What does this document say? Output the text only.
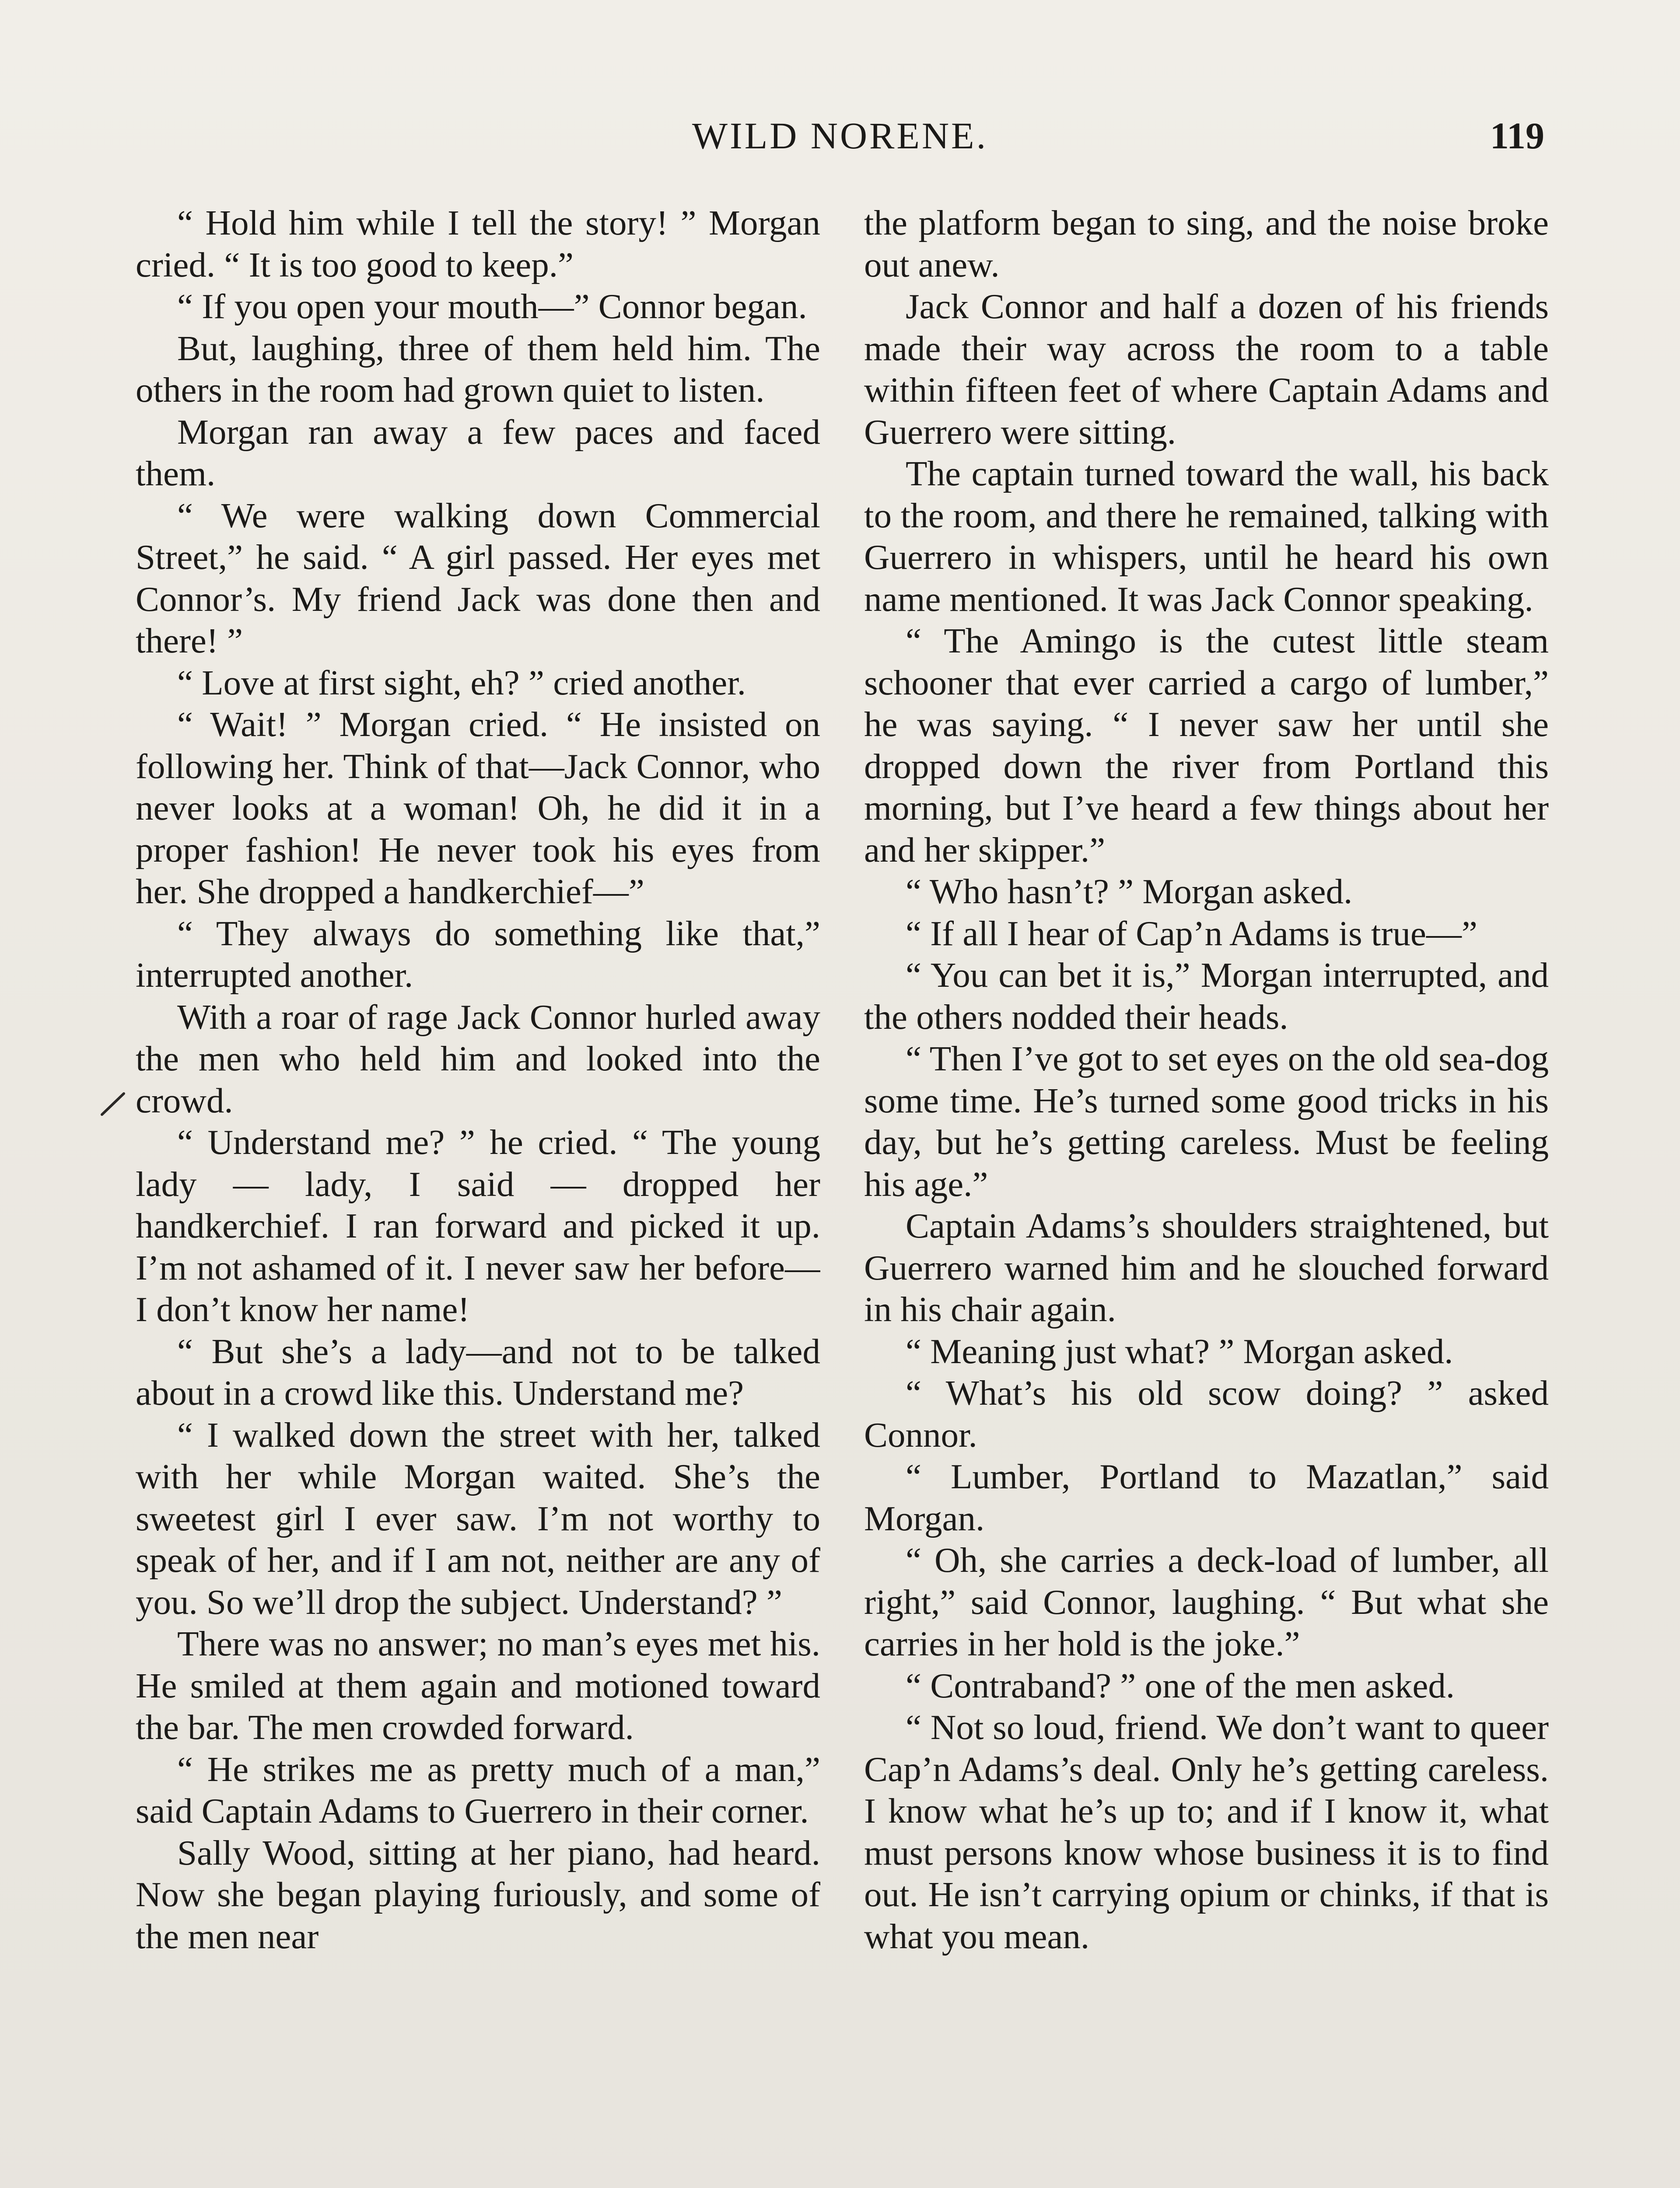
WILD NORENE.	119

“ Hold him while I tell the story! ” Morgan cried. “ It is too good to keep.”

“ If you open your mouth—” Connor began.

But, laughing, three of them held him. The others in the room had grown quiet to listen.

Morgan ran away a few paces and faced them.

“ We were walking down Commercial Street,” he said. “ A girl passed. Her eyes met Connor’s. My friend Jack was done then and there! ”

“ Love at first sight, eh? ” cried another.

“ Wait! ” Morgan cried. “ He insisted on following her. Think of that—Jack Connor, who never looks at a woman! Oh, he did it in a proper fashion! He never took his eyes from her. She dropped a handkerchief—”

“ They always do something like that,” interrupted another.

With a roar of rage Jack Connor hurled away the men who held him and looked into the crowd.

“ Understand me? ” he cried. “ The young lady — lady, I said — dropped her handkerchief. I ran forward and picked it up. I’m not ashamed of it. I never saw her before—I don’t know her name!

“ But she’s a lady—and not to be talked about in a crowd like this. Understand me?

“ I walked down the street with her, talked with her while Morgan waited. She’s the sweetest girl I ever saw. I’m not worthy to speak of her, and if I am not, neither are any of you. So we’ll drop the subject. Understand? ”

There was no answer; no man’s eyes met his. He smiled at them again and motioned toward the bar. The men crowded forward.

“ He strikes me as pretty much of a man,” said Captain Adams to Guerrero in their corner.

Sally Wood, sitting at her piano, had heard. Now she began playing furiously, and some of the men near

the platform began to sing, and the noise broke out anew.

Jack Connor and half a dozen of his friends made their way across the room to a table within fifteen feet of where Captain Adams and Guerrero were sitting.

The captain turned toward the wall, his back to the room, and there he remained, talking with Guerrero in whispers, until he heard his own name mentioned. It was Jack Connor speaking.

“ The Amingo is the cutest little steam schooner that ever carried a cargo of lumber,” he was saying. “ I never saw her until she dropped down the river from Portland this morning, but I’ve heard a few things about her and her skipper.”

“ Who hasn’t? ” Morgan asked.

“ If all I hear of Cap’n Adams is true—”

“ You can bet it is,” Morgan interrupted, and the others nodded their heads.

“ Then I’ve got to set eyes on the old sea-dog some time. He’s turned some good tricks in his day, but he’s getting careless. Must be feeling his age.”

Captain Adams’s shoulders straightened, but Guerrero warned him and he slouched forward in his chair again.

“ Meaning just what? ” Morgan asked.

“ What’s his old scow doing? ” asked Connor.

“ Lumber, Portland to Mazatlan,” said Morgan.

“ Oh, she carries a deck-load of lumber, all right,” said Connor, laughing. “ But what she carries in her hold is the joke.”

“ Contraband? ” one of the men asked.

“ Not so loud, friend. We don’t want to queer Cap’n Adams’s deal. Only he’s getting careless. I know what he’s up to; and if I know it, what must persons know whose business it is to find out. He isn’t carrying opium or chinks, if that is what you mean.
